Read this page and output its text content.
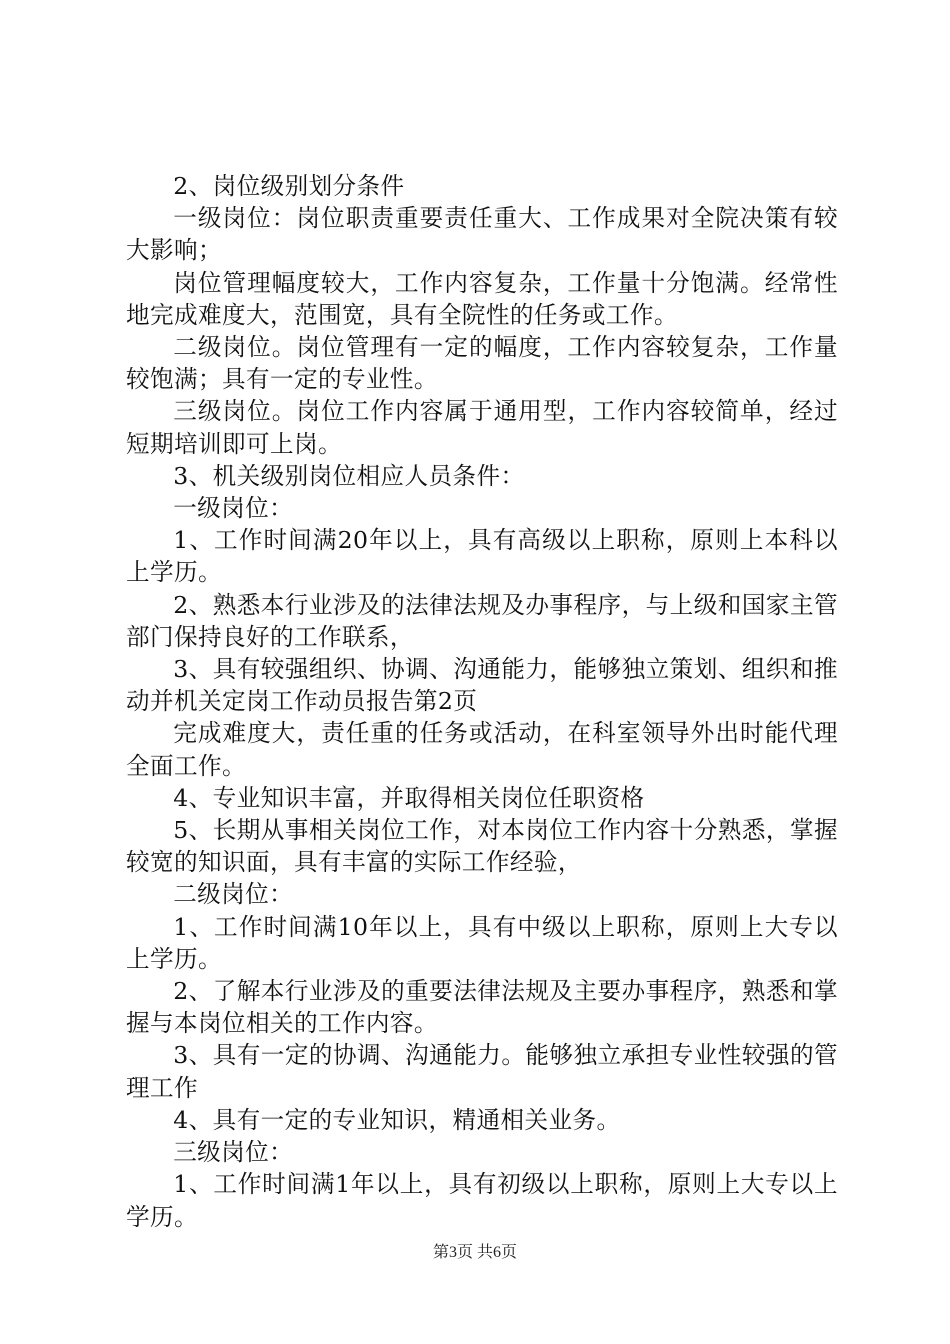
2、岗位级别划分条件

一级岗位：岗位职责重要责任重大、工作成果对全院决策有较大影响；

岗位管理幅度较大，工作内容复杂，工作量十分饱满。经常性地完成难度大，范围宽，具有全院性的任务或工作。

二级岗位。岗位管理有一定的幅度，工作内容较复杂，工作量较饱满；具有一定的专业性。

三级岗位。岗位工作内容属于通用型，工作内容较简单，经过短期培训即可上岗。

3、机关级别岗位相应人员条件：

一级岗位：

1、工作时间满20年以上，具有高级以上职称，原则上本科以上学历。

2、熟悉本行业涉及的法律法规及办事程序，与上级和国家主管部门保持良好的工作联系，

3、具有较强组织、协调、沟通能力，能够独立策划、组织和推动并机关定岗工作动员报告第2页

完成难度大，责任重的任务或活动，在科室领导外出时能代理全面工作。

4、专业知识丰富，并取得相关岗位任职资格

5、长期从事相关岗位工作，对本岗位工作内容十分熟悉，掌握较宽的知识面，具有丰富的实际工作经验，

二级岗位：

1、工作时间满10年以上，具有中级以上职称，原则上大专以上学历。

2、了解本行业涉及的重要法律法规及主要办事程序，熟悉和掌握与本岗位相关的工作内容。

3、具有一定的协调、沟通能力。能够独立承担专业性较强的管理工作

4、具有一定的专业知识，精通相关业务。

三级岗位：

1、工作时间满1年以上，具有初级以上职称，原则上大专以上学历。

第3页 共6页
